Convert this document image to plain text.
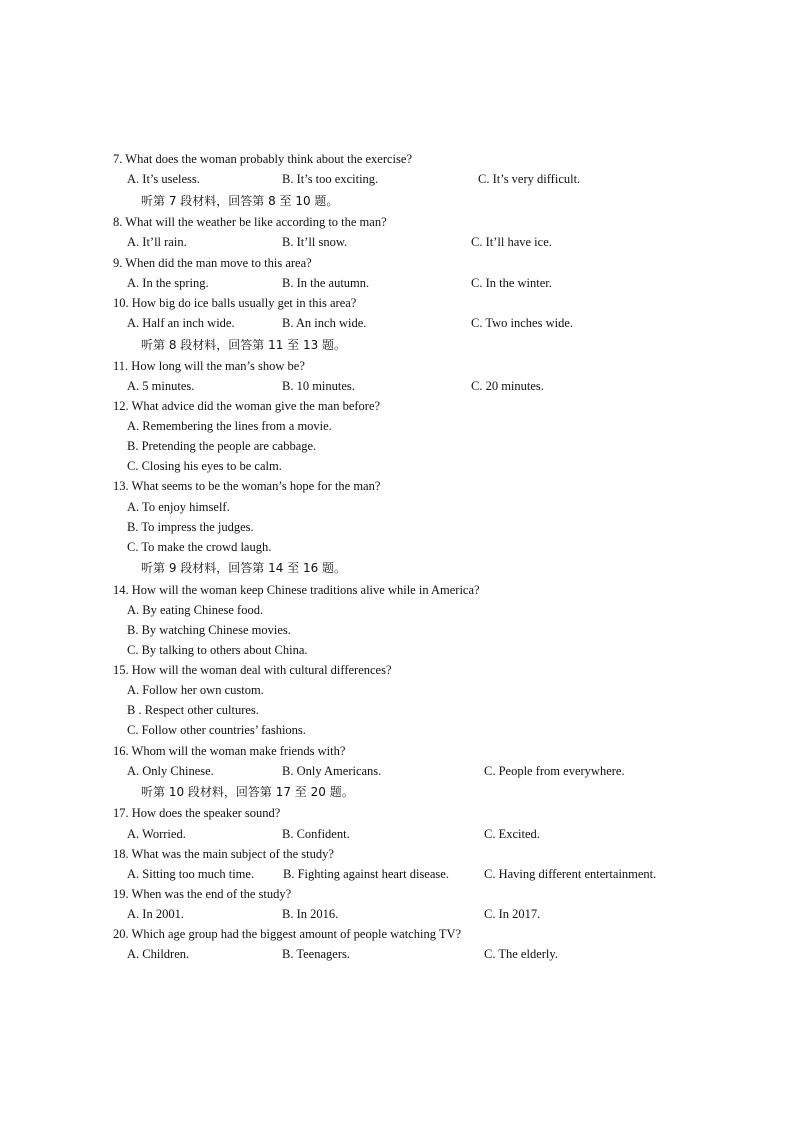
7. What does the woman probably think about the exercise?
A. It’s useless.	B. It’s too exciting.	C. It’s very difficult.
听第 7 段材料，回答第 8 至 10 题。
8. What will the weather be like according to the man?
A. It’ll rain.	B. It’ll snow.	C. It’ll have ice.
9. When did the man move to this area?
A. In the spring.	B. In the autumn.	C. In the winter.
10. How big do ice balls usually get in this area?
A. Half an inch wide.	B. An inch wide.	C. Two inches wide.
听第 8 段材料，回答第 11 至 13 题。
11. How long will the man’s show be?
A. 5 minutes.	B. 10 minutes.	C. 20 minutes.
12. What advice did the woman give the man before?
A. Remembering the lines from a movie.
B. Pretending the people are cabbage.
C. Closing his eyes to be calm.
13. What seems to be the woman’s hope for the man?
A. To enjoy himself.
B. To impress the judges.
C. To make the crowd laugh.
听第 9 段材料，回答第 14 至 16 题。
14. How will the woman keep Chinese traditions alive while in America?
A. By eating Chinese food.
B. By watching Chinese movies.
C. By talking to others about China.
15. How will the woman deal with cultural differences?
A. Follow her own custom.
B . Respect other cultures.
C. Follow other countries’ fashions.
16. Whom will the woman make friends with?
A. Only Chinese.	B. Only Americans.	C. People from everywhere.
听第 10 段材料，回答第 17 至 20 题。
17. How does the speaker sound?
A. Worried.	B. Confident.	C. Excited.
18. What was the main subject of the study?
A. Sitting too much time. B. Fighting against heart disease.	C. Having different entertainment.
19. When was the end of the study?
A. In 2001.	B. In 2016.	C. In 2017.
20. Which age group had the biggest amount of people watching TV?
A. Children.	B. Teenagers.	C. The elderly.
